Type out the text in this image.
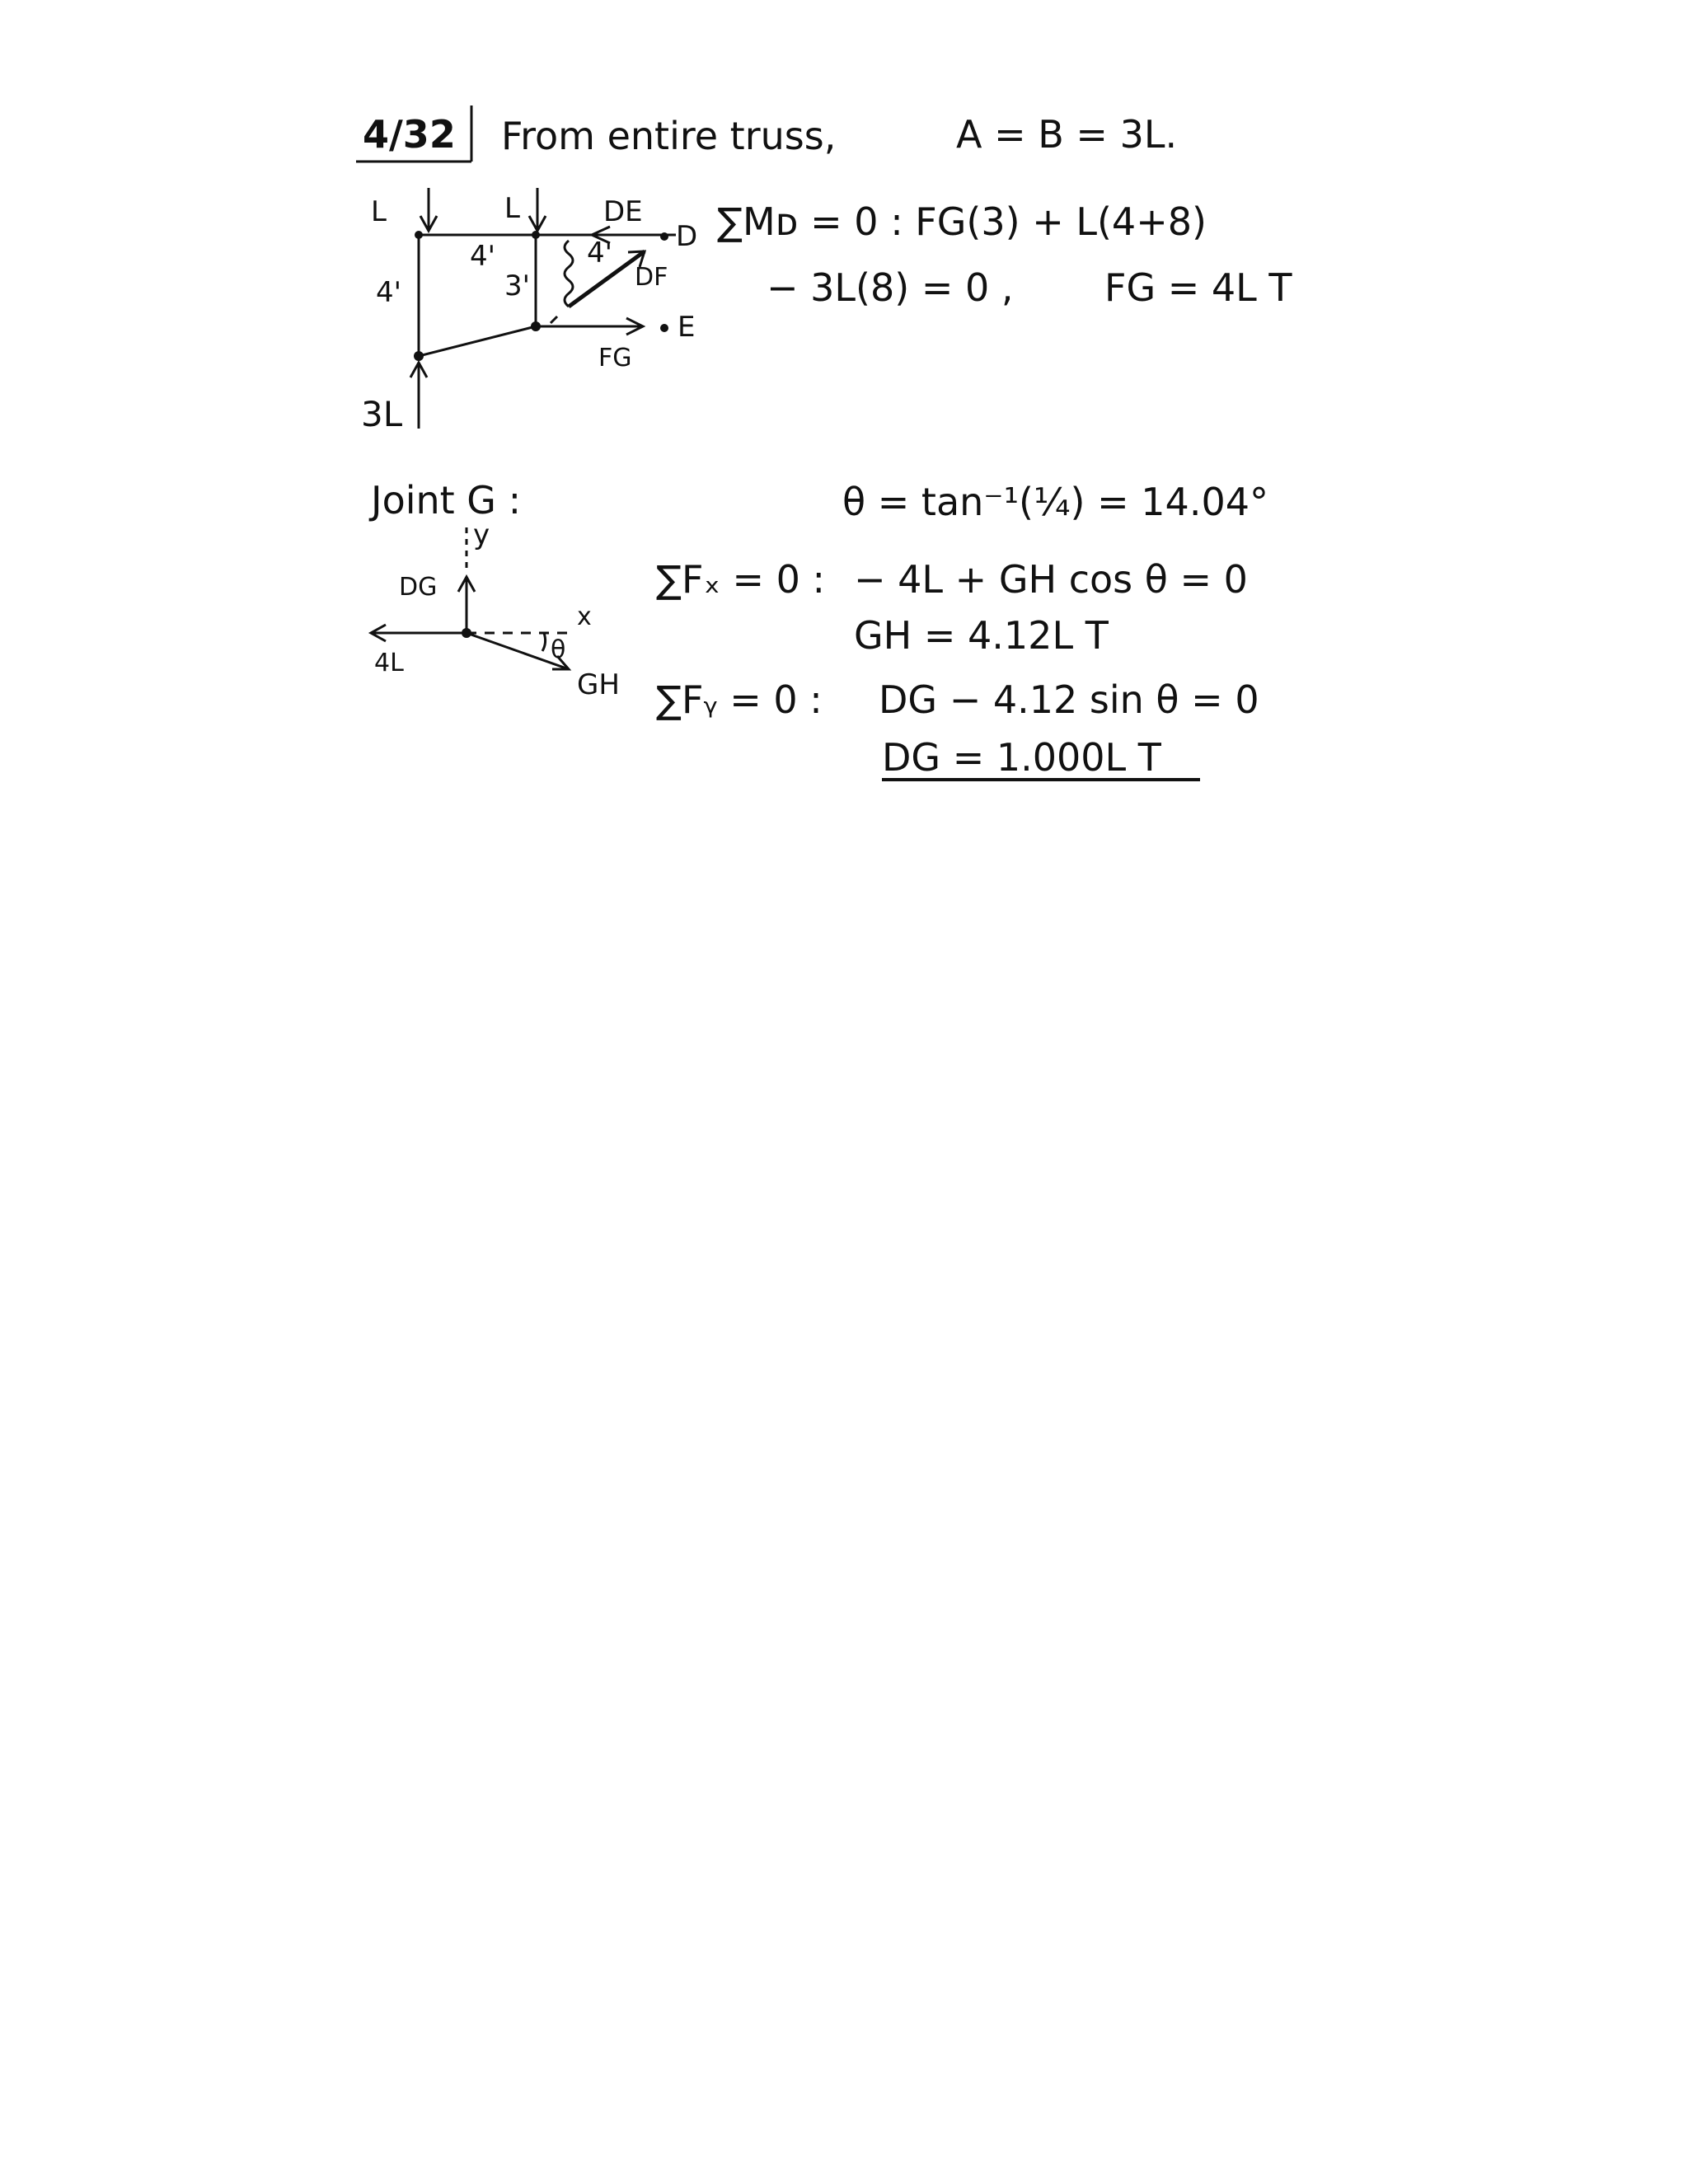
4/32 From entire truss,	A = B = 3L.
L	L	DE
D
4'	4'
4'	3'	DF
E
FG
3L
∑Mᴅ = 0 : FG(3) + L(4+8)
− 3L(8) = 0 , FG = 4L T
Joint G :	θ = tan⁻¹(¼) = 14.04°
y
DG
x
4L	θ
GH
∑Fₓ = 0 : − 4L + GH cos θ = 0
GH = 4.12L T
∑Fᵧ = 0 : DG − 4.12 sin θ = 0
DG = 1.000L T
